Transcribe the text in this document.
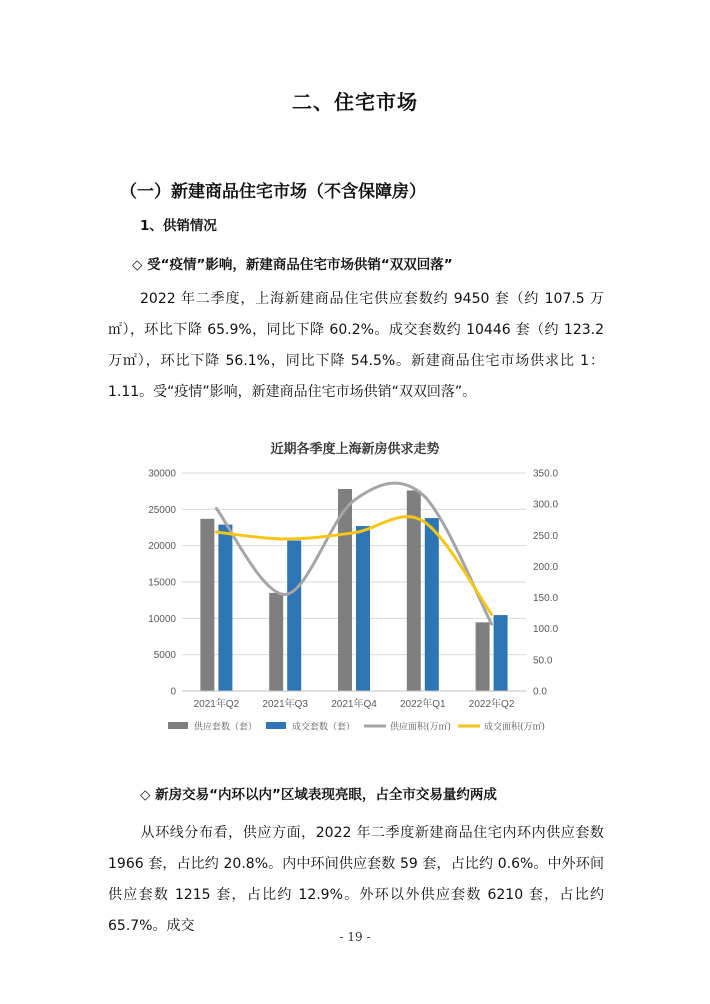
二、住宅市场
（一）新建商品住宅市场（不含保障房）
1、供销情况
◇ 受“疫情”影响，新建商品住宅市场供销“双双回落”
2022 年二季度，上海新建商品住宅供应套数约 9450 套（约 107.5 万㎡），环比下降 65.9%，同比下降 60.2%。成交套数约 10446 套（约 123.2 万㎡），环比下降 56.1%，同比下降 54.5%。新建商品住宅市场供求比 1：1.11。受“疫情”影响，新建商品住宅市场供销“双双回落”。
近期各季度上海新房供求走势
0
5000
10000
15000
20000
25000
30000
0.0
50.0
100.0
150.0
200.0
250.0
300.0
350.0
2021年Q2 2021年Q3 2021年Q4 2022年Q1 2022年Q2
供应套数（套）	成交套数（套）	供应面积(万㎡)	成交面积(万㎡)
◇ 新房交易“内环以内”区域表现亮眼，占全市交易量约两成
从环线分布看，供应方面，2022 年二季度新建商品住宅内环内供应套数 1966 套，占比约 20.8%。内中环间供应套数 59 套，占比约 0.6%。中外环间供应套数 1215 套，占比约 12.9%。外环以外供应套数 6210 套，占比约 65.7%。成交
- 19 -
